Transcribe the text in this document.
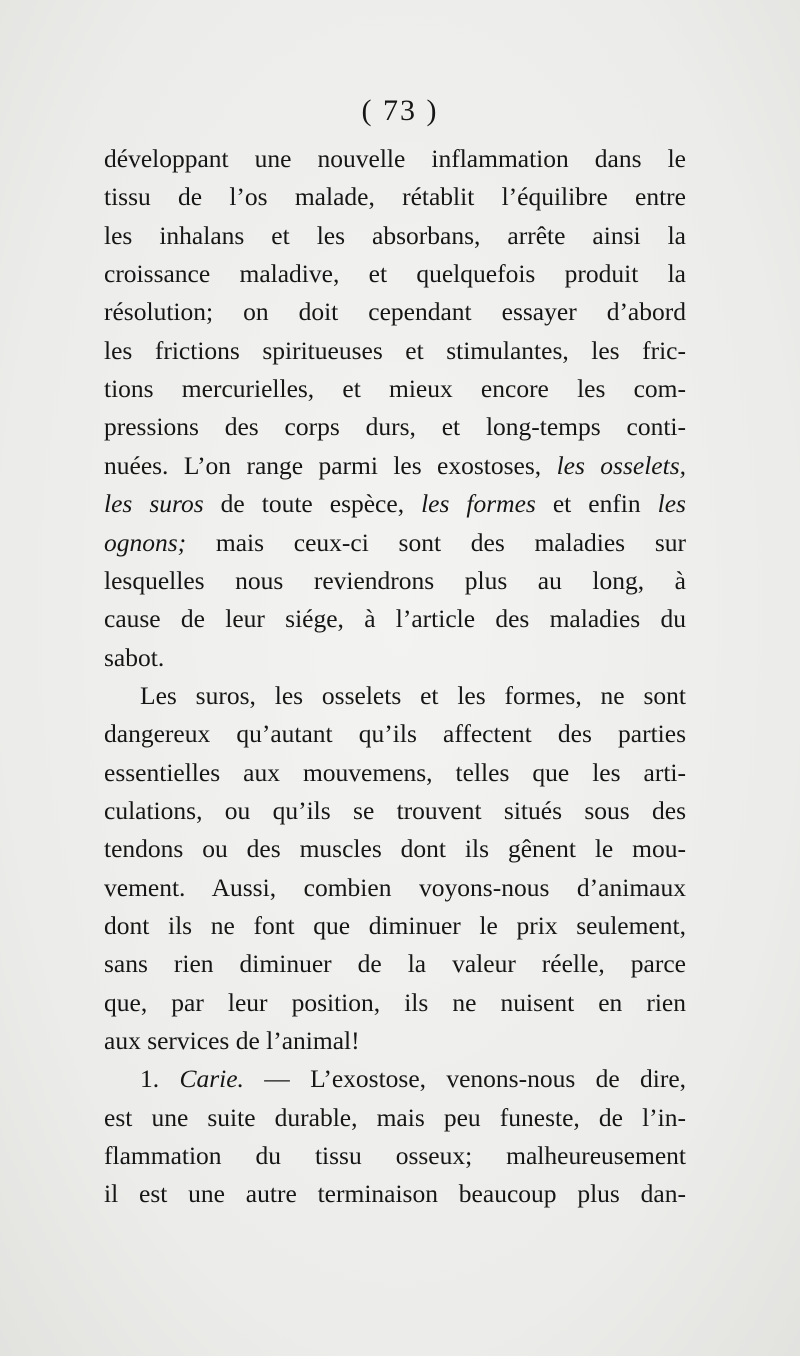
( 73 )
développant une nouvelle inflammation dans le
tissu de l’os malade, rétablit l’équilibre entre
les inhalans et les absorbans, arrête ainsi la
croissance maladive, et quelquefois produit la
résolution; on doit cependant essayer d’abord
les frictions spiritueuses et stimulantes, les fric-
tions mercurielles, et mieux encore les com-
pressions des corps durs, et long-temps conti-
nuées. L’on range parmi les exostoses, les osselets,
les suros de toute espèce, les formes et enfin les
ognons; mais ceux-ci sont des maladies sur
lesquelles nous reviendrons plus au long, à
cause de leur siége, à l’article des maladies du
sabot.
Les suros, les osselets et les formes, ne sont
dangereux qu’autant qu’ils affectent des parties
essentielles aux mouvemens, telles que les arti-
culations, ou qu’ils se trouvent situés sous des
tendons ou des muscles dont ils gênent le mou-
vement. Aussi, combien voyons-nous d’animaux
dont ils ne font que diminuer le prix seulement,
sans rien diminuer de la valeur réelle, parce
que, par leur position, ils ne nuisent en rien
aux services de l’animal!
1. Carie. — L’exostose, venons-nous de dire,
est une suite durable, mais peu funeste, de l’in-
flammation du tissu osseux; malheureusement
il est une autre terminaison beaucoup plus dan-
